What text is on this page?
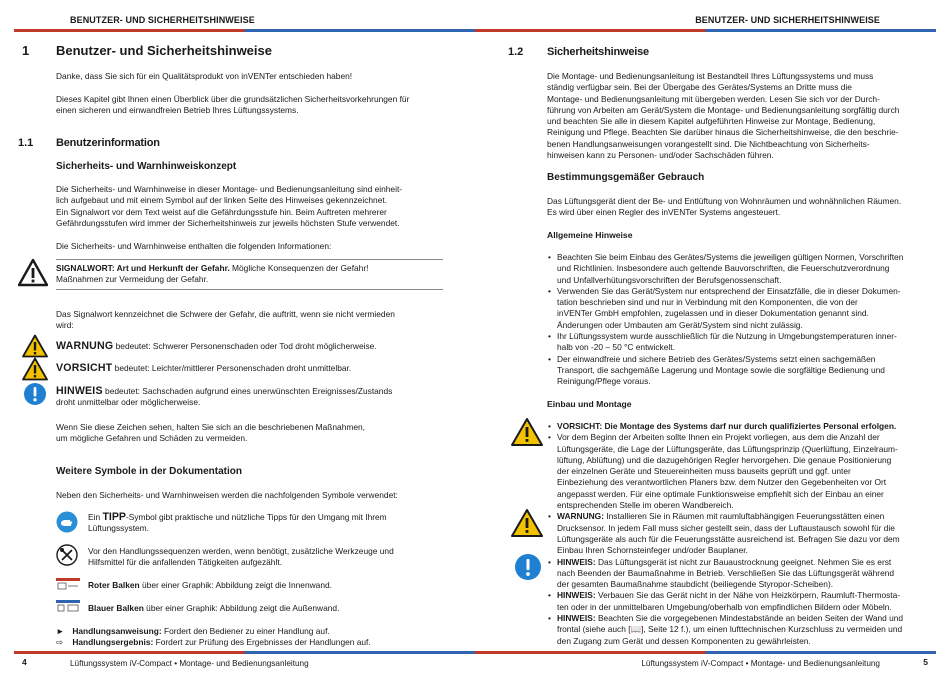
BENUTZER- UND SICHERHEITSHINWEISE
1 Benutzer- und Sicherheitshinweise
Danke, dass Sie sich für ein Qualitätsprodukt von inVENTer entschieden haben!
Dieses Kapitel gibt Ihnen einen Überblick über die grundsätzlichen Sicherheitsvorkehrungen für
einen sicheren und einwandfreien Betrieb Ihres Lüftungssystems.
1.1 Benutzerinformation
Sicherheits- und Warnhinweiskonzept
Die Sicherheits- und Warnhinweise in dieser Montage- und Bedienungsanleitung sind einheit-
lich aufgebaut und mit einem Symbol auf der linken Seite des Hinweises gekennzeichnet.
Ein Signalwort vor dem Text weist auf die Gefährdungsstufe hin. Beim Auftreten mehrerer
Gefährdungsstufen wird immer der Sicherheitshinweis zur jeweils höchsten Stufe verwendet.
Die Sicherheits- und Warnhinweise enthalten die folgenden Informationen:
SIGNALWORT: Art und Herkunft der Gefahr. Mögliche Konsequenzen der Gefahr!
Maßnahmen zur Vermeidung der Gefahr.
Das Signalwort kennzeichnet die Schwere der Gefahr, die auftritt, wenn sie nicht vermieden
wird:
WARNUNG bedeutet: Schwerer Personenschaden oder Tod droht möglicherweise.
VORSICHT bedeutet: Leichter/mittlerer Personenschaden droht unmittelbar.
HINWEIS bedeutet: Sachschaden aufgrund eines unerwünschten Ereignisses/Zustands
droht unmittelbar oder möglicherweise.
Wenn Sie diese Zeichen sehen, halten Sie sich an die beschriebenen Maßnahmen,
um mögliche Gefahren und Schäden zu vermeiden.
Weitere Symbole in der Dokumentation
Neben den Sicherheits- und Warnhinweisen werden die nachfolgenden Symbole verwendet:
Ein TIPP-Symbol gibt praktische und nützliche Tipps für den Umgang mit Ihrem
Lüftungssystem.
Vor den Handlungssequenzen werden, wenn benötigt, zusätzliche Werkzeuge und
Hilfsmittel für die anfallenden Tätigkeiten aufgezählt.
Roter Balken über einer Graphik: Abbildung zeigt die Innenwand.
Blauer Balken über einer Graphik: Abbildung zeigt die Außenwand.
► Handlungsanweisung: Fordert den Bediener zu einer Handlung auf.
⇨ Handlungsergebnis: Fordert zur Prüfung des Ergebnisses der Handlungen auf.
4	Lüftungssystem iV-Compact • Montage- und Bedienungsanleitung
BENUTZER- UND SICHERHEITSHINWEISE
1.2 Sicherheitshinweise
Die Montage- und Bedienungsanleitung ist Bestandteil Ihres Lüftungssystems und muss
ständig verfügbar sein. Bei der Übergabe des Gerätes/Systems an Dritte muss die
Montage- und Bedienungsanleitung mit übergeben werden. Lesen Sie sich vor der Durch-
führung von Arbeiten am Gerät/System die Montage- und Bedienungsanleitung sorgfältig durch
und beachten Sie alle in diesem Kapitel aufgeführten Hinweise zur Montage, Bedienung,
Reinigung und Pflege. Beachten Sie darüber hinaus die Sicherheitshinweise, die den beschrie-
benen Handlungsanweisungen vorangestellt sind. Die Nichtbeachtung von Sicherheits-
hinweisen kann zu Personen- und/oder Sachschäden führen.
Bestimmungsgemäßer Gebrauch
Das Lüftungsgerät dient der Be- und Entlüftung von Wohnräumen und wohnähnlichen Räumen.
Es wird über einen Regler des inVENTer Systems angesteuert.
Allgemeine Hinweise
• Beachten Sie beim Einbau des Gerätes/Systems die jeweiligen gültigen Normen, Vorschriften
und Richtlinien. Insbesondere auch geltende Bauvorschriften, die Feuerschutzverordnung
und Unfallverhütungsvorschriften der Berufsgenossenschaft.
• Verwenden Sie das Gerät/System nur entsprechend der Einsatzfälle, die in dieser Dokumen-
tation beschrieben sind und nur in Verbindung mit den Komponenten, die von der
inVENTer GmbH empfohlen, zugelassen und in dieser Dokumentation genannt sind.
Änderungen oder Umbauten am Gerät/System sind nicht zulässig.
• Ihr Lüftungssystem wurde ausschließlich für die Nutzung in Umgebungstemperaturen inner-
halb von -20 – 50 °C entwickelt.
• Der einwandfreie und sichere Betrieb des Gerätes/Systems setzt einen sachgemäßen
Transport, die sachgemäße Lagerung und Montage sowie die sorgfältige Bedienung und
Reinigung/Pflege voraus.
Einbau und Montage
• VORSICHT: Die Montage des Systems darf nur durch qualifiziertes Personal erfolgen.
• Vor dem Beginn der Arbeiten sollte Ihnen ein Projekt vorliegen, aus dem die Anzahl der
Lüftungsgeräte, die Lage der Lüftungsgeräte, das Lüftungsprinzip (Querlüftung, Einzelraum-
lüftung, Ablüftung) und die dazugehörigen Regler hervorgehen. Die genaue Positionierung
der einzelnen Geräte und Steuereinheiten muss bauseits geprüft und ggf. unter
Einbeziehung des verantwortlichen Planers bzw. dem Nutzer den Gegebenheiten vor Ort
angepasst werden. Für eine optimale Funktionsweise empfiehlt sich der Einbau an einer
entsprechenden Stelle im oberen Wandbereich.
• WARNUNG: Installieren Sie in Räumen mit raumluftabhängigen Feuerungsstätten einen
Drucksensor. In jedem Fall muss sicher gestellt sein, dass der Luftaustausch sowohl für die
Lüftungsgeräte als auch für die Feuerungsstätte ausreichend ist. Befragen Sie dazu vor dem
Einbau Ihren Schornsteinfeger und/oder Bauplaner.
• HINWEIS: Das Lüftungsgerät ist nicht zur Bauaustrocknung geeignet. Nehmen Sie es erst
nach Beenden der Baumaßnahme in Betrieb. Verschließen Sie das Lüftungsgerät während
der gesamten Baumaßnahme staubdicht (beiliegende Styropor-Scheiben).
• HINWEIS: Verbauen Sie das Gerät nicht in der Nähe von Heizkörpern, Raumluft-Thermosta-
ten oder in der unmittelbaren Umgebung/oberhalb von empfindlichen Bildern oder Möbeln.
• HINWEIS: Beachten Sie die vorgegebenen Mindestabstände an beiden Seiten der Wand und
frontal (siehe auch [📖], Seite 12 f.), um einen lufttechnischen Kurzschluss zu vermeiden und
den Zugang zum Gerät und dessen Komponenten zu gewährleisten.
Lüftungssystem iV-Compact • Montage- und Bedienungsanleitung	5
